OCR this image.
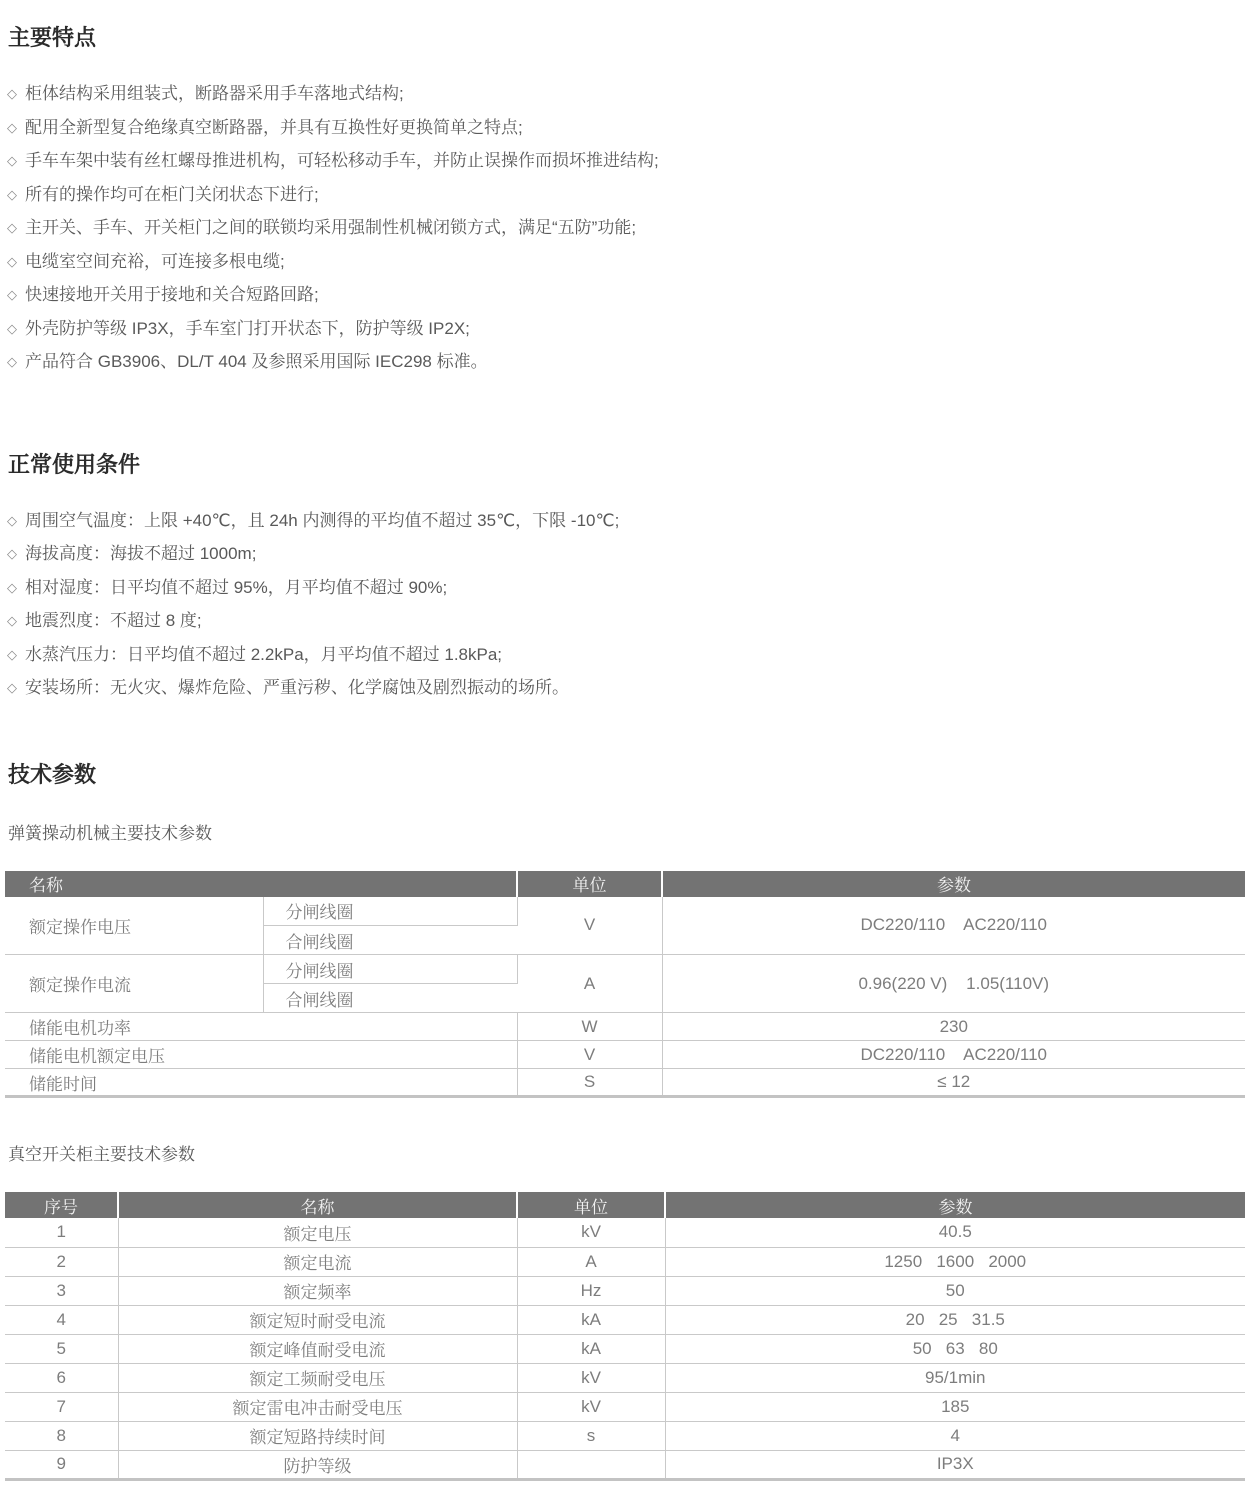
主要特点
◇ 柜体结构采用组装式，断路器采用手车落地式结构;
◇ 配用全新型复合绝缘真空断路器，并具有互换性好更换简单之特点;
◇ 手车车架中装有丝杠螺母推进机构，可轻松移动手车，并防止误操作而损坏推进结构;
◇ 所有的操作均可在柜门关闭状态下进行;
◇ 主开关、手车、开关柜门之间的联锁均采用强制性机械闭锁方式，满足“五防”功能;
◇ 电缆室空间充裕，可连接多根电缆;
◇ 快速接地开关用于接地和关合短路回路;
◇ 外壳防护等级 IP3X，手车室门打开状态下，防护等级 IP2X;
◇ 产品符合 GB3906、DL/T 404 及参照采用国际 IEC298 标准。
正常使用条件
◇ 周围空气温度：上限 +40℃，且 24h 内测得的平均值不超过 35℃，下限 -10℃;
◇ 海拔高度：海拔不超过 1000m;
◇ 相对湿度：日平均值不超过 95%，月平均值不超过 90%;
◇ 地震烈度：不超过 8 度;
◇ 水蒸汽压力：日平均值不超过 2.2kPa，月平均值不超过 1.8kPa;
◇ 安装场所：无火灾、爆炸危险、严重污秽、化学腐蚀及剧烈振动的场所。
技术参数

弹簧操动机械主要技术参数

名称		单位	参数
额定操作电压	分闸线圈	V	DC220/110    AC220/110
	合闸线圈		
额定操作电流	分闸线圈	A	0.96(220 V)    1.05(110V)
	合闸线圈		
储能电机功率		W	230
储能电机额定电压		V	DC220/110    AC220/110
储能时间		S	≤ 12

真空开关柜主要技术参数

序号	名称	单位	参数
1	额定电压	kV	40.5
2	额定电流	A	1250   1600   2000
3	额定频率	Hz	50
4	额定短时耐受电流	kA	20   25   31.5
5	额定峰值耐受电流	kA	50   63   80
6	额定工频耐受电压	kV	95/1min
7	额定雷电冲击耐受电压	kV	185
8	额定短路持续时间	s	4
9	防护等级		IP3X
